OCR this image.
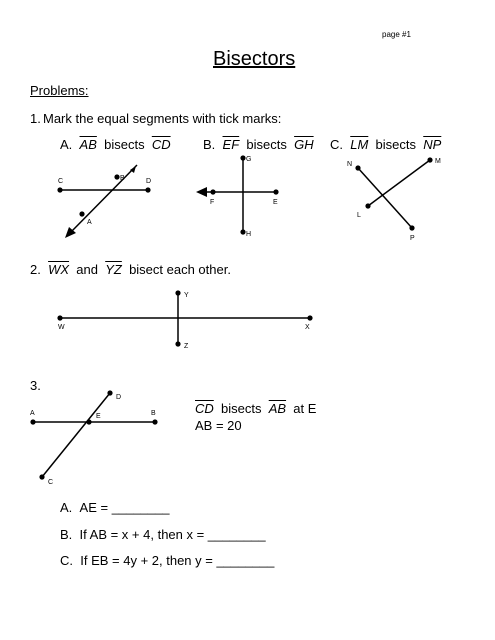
page #1
Bisectors
Problems:
1. Mark the equal segments with tick marks:
A. $\overline{AB}$ bisects $\overline{CD}$ B. $\overline{EF}$ bisects $\overline{GH}$ C. $\overline{LM}$ bisects $\overline{NP}$
2. $\overline{WX}$ and $\overline{YZ}$ bisect each other.
3.
$\overline{CD}$ bisects $\overline{AB}$ at E
AB = 20
A. AE = ________
B. If AB = x + 4, then x = ________
C. If EB = 4y + 2, then y = ________
C	D
B
A
G
F	E
H
N	M
L
P
W	X
Y
Z
D
A	E	B
C
